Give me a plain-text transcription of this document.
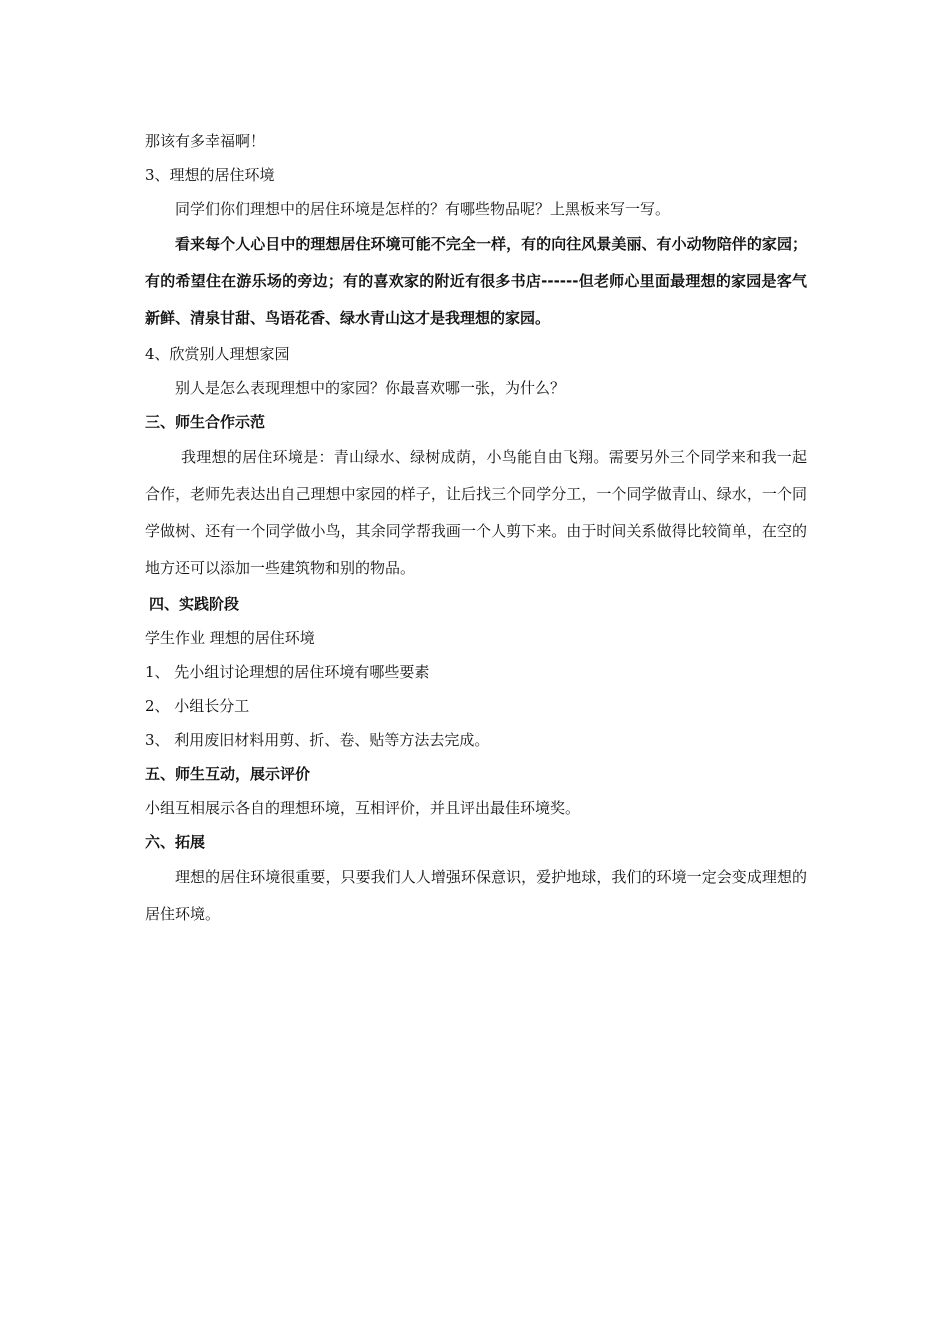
那该有多幸福啊！
3、理想的居住环境
同学们你们理想中的居住环境是怎样的？有哪些物品呢？上黑板来写一写。

看来每个人心目中的理想居住环境可能不完全一样，有的向往风景美丽、有小动物陪伴的家园；有的希望住在游乐场的旁边；有的喜欢家的附近有很多书店------但老师心里面最理想的家园是客气新鲜、清泉甘甜、鸟语花香、绿水青山这才是我理想的家园。

4、欣赏别人理想家园
别人是怎么表现理想中的家园？你最喜欢哪一张，为什么？
三、师生合作示范

我理想的居住环境是：青山绿水、绿树成荫，小鸟能自由飞翔。需要另外三个同学来和我一起合作，老师先表达出自己理想中家园的样子，让后找三个同学分工，一个同学做青山、绿水，一个同学做树、还有一个同学做小鸟，其余同学帮我画一个人剪下来。由于时间关系做得比较简单，在空的地方还可以添加一些建筑物和别的物品。

四、实践阶段
学生作业 理想的居住环境
1、 先小组讨论理想的居住环境有哪些要素
2、 小组长分工
3、 利用废旧材料用剪、折、卷、贴等方法去完成。
五、师生互动，展示评价
小组互相展示各自的理想环境，互相评价，并且评出最佳环境奖。
六、拓展

理想的居住环境很重要，只要我们人人增强环保意识，爱护地球，我们的环境一定会变成理想的居住环境。
